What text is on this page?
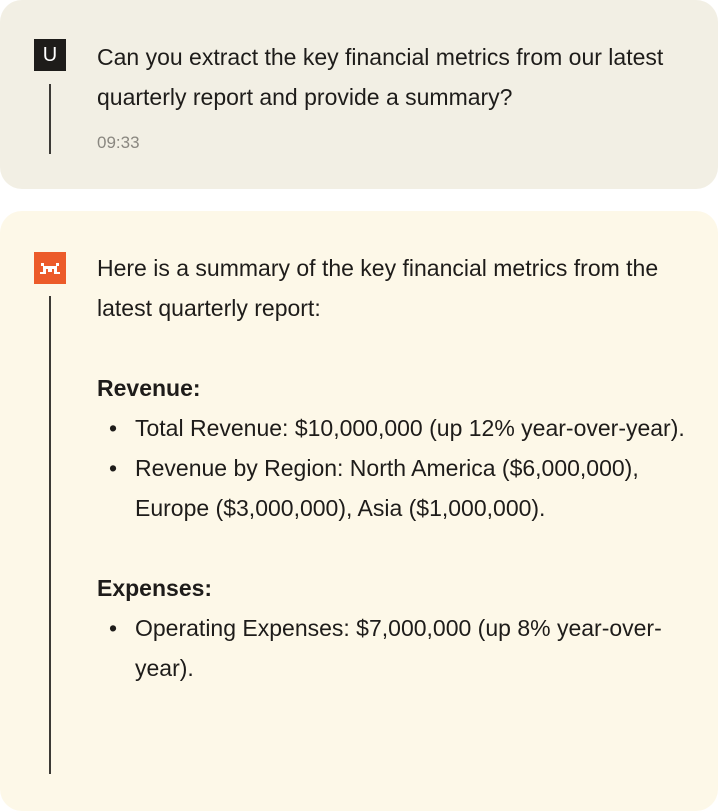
U Can you extract the key financial metrics from our latest quarterly report and provide a summary?
09:33
Here is a summary of the key financial metrics from the latest quarterly report:
Revenue:
• Total Revenue: $10,000,000 (up 12% year-over-year).
• Revenue by Region: North America ($6,000,000), Europe ($3,000,000), Asia ($1,000,000).
Expenses:
• Operating Expenses: $7,000,000 (up 8% year-over-year).
